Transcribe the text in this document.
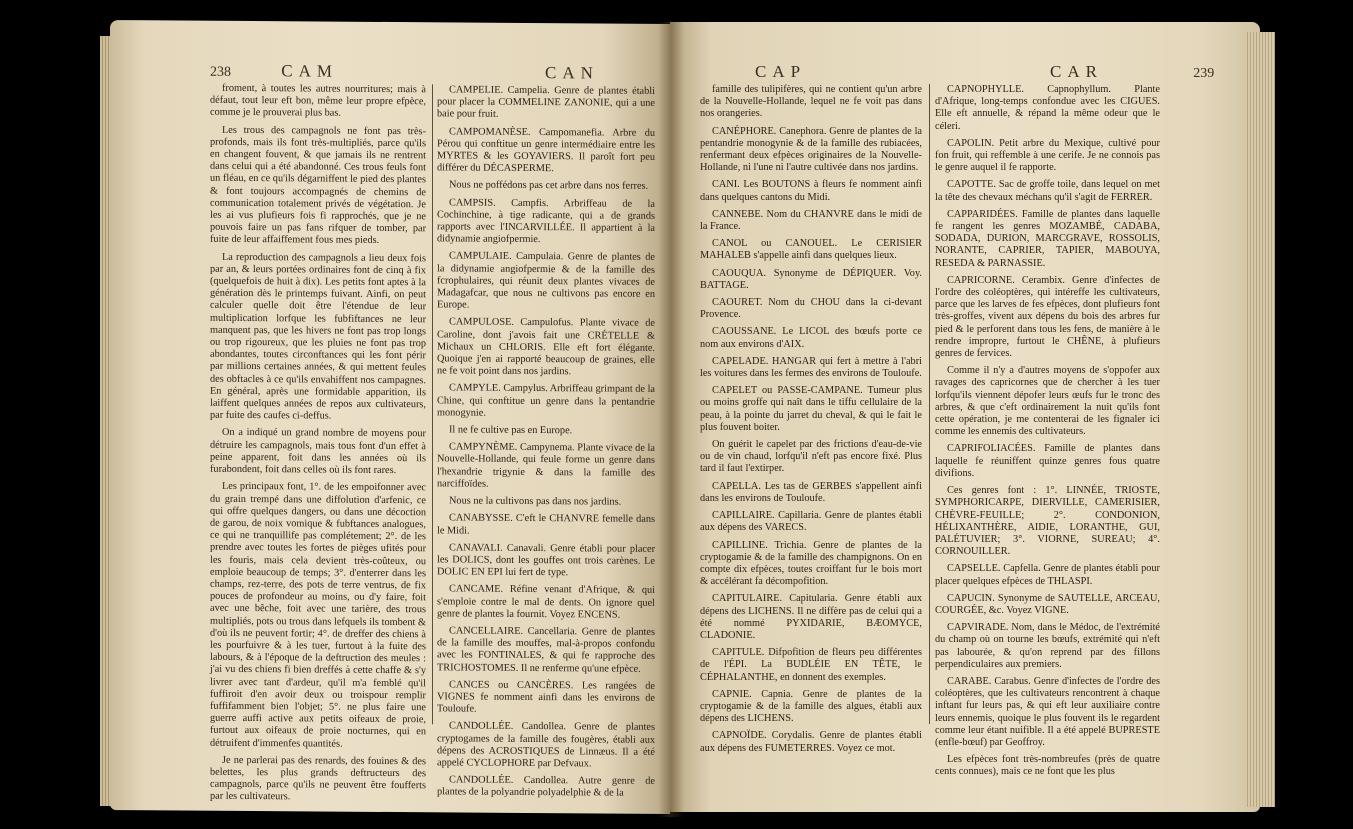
238	CAM	CAN

froment, à toutes les autres nourritures; mais à défaut, tout leur eft bon, même leur propre efpèce, comme je le prouverai plus bas.

Les trous des campagnols ne font pas très-profonds, mais ils font très-multipliés, parce qu'ils en changent fouvent, & que jamais ils ne rentrent dans celui qui a été abandonné. Ces trous feuls font un fléau, en ce qu'ils dégarniffent le pied des plantes & font toujours accompagnés de chemins de communication totalement privés de végétation. Je les ai vus plufieurs fois fi rapprochés, que je ne pouvois faire un pas fans rifquer de tomber, par fuite de leur affaiffement fous mes pieds.

La reproduction des campagnols a lieu deux fois par an, & leurs portées ordinaires font de cinq à fix (quelquefois de huit à dix). Les petits font aptes à la génération dès le printemps fuivant. Ainfi, on peut calculer quelle doit être l'étendue de leur multiplication lorfque les fubfiftances ne leur manquent pas, que les hivers ne font pas trop longs ou trop rigoureux, que les pluies ne font pas trop abondantes, toutes circonftances qui les font périr par millions certaines années, & qui mettent feules des obftacles à ce qu'ils envahiffent nos campagnes. En général, après une formidable apparition, ils laiffent quelques années de repos aux cultivateurs, par fuite des caufes ci-deffus.

On a indiqué un grand nombre de moyens pour détruire les campagnols, mais tous font d'un effet à peine apparent, foit dans les années où ils furabondent, foit dans celles où ils font rares.

Les principaux font, 1°. de les empoifonner avec du grain trempé dans une diffolution d'arfenic, ce qui offre quelques dangers, ou dans une décoction de garou, de noix vomique & fubftances analogues, ce qui ne tranquillife pas complétement; 2°. de les prendre avec toutes les fortes de pièges ufités pour les fouris, mais cela devient très-coûteux, ou emploie beaucoup de temps; 3°. d'enterrer dans les champs, rez-terre, des pots de terre ventrus, de fix pouces de profondeur au moins, ou d'y faire, foit avec une bêche, foit avec une tarière, des trous multipliés, pots ou trous dans lefquels ils tombent & d'où ils ne peuvent fortir; 4°. de dreffer des chiens à les pourfuivre & à les tuer, furtout à la fuite des labours, & à l'époque de la deftruction des meules : j'ai vu des chiens fi bien dreffés à cette chaffe & s'y livrer avec tant d'ardeur, qu'il m'a femblé qu'il fuffiroit d'en avoir deux ou troispour remplir fuffifamment bien l'objet; 5°. ne plus faire une guerre auffi active aux petits oifeaux de proie, furtout aux oifeaux de proie nocturnes, qui en détruifent d'immenfes quantités.

Je ne parlerai pas des renards, des fouines & des belettes, les plus grands deftructeurs des campagnols, parce qu'ils ne peuvent être foufferts par les cultivateurs.

CAMPELIE. Campelia. Genre de plantes établi pour placer la COMMELINE ZANONIE, qui a une baie pour fruit.

CAMPOMANÈSE. Campomanefia. Arbre du Pérou qui conftitue un genre intermédiaire entre les MYRTES & les GOYAVIERS. Il paroît fort peu différer du DÉCASPERME.

Nous ne poffédons pas cet arbre dans nos ferres.

CAMPSIS. Campfis. Arbriffeau de la Cochinchine, à tige radicante, qui a de grands rapports avec l'INCARVILLÉE. Il appartient à la didynamie angiofpermie.

CAMPULAIE. Campulaia. Genre de plantes de la didynamie angiofpermie & de la famille des fcrophulaires, qui réunit deux plantes vivaces de Madagafcar, que nous ne cultivons pas encore en Europe.

CAMPULOSE. Campulofus. Plante vivace de Caroline, dont j'avois fait une CRÉTELLE & Michaux un CHLORIS. Elle eft fort élégante. Quoique j'en ai rapporté beaucoup de graines, elle ne fe voit point dans nos jardins.

CAMPYLE. Campylus. Arbriffeau grimpant de la Chine, qui conftitue un genre dans la pentandrie monogynie.

Il ne fe cultive pas en Europe.

CAMPYNÈME. Campynema. Plante vivace de la Nouvelle-Hollande, qui feule forme un genre dans l'hexandrie trigynie & dans la famille des narciffoïdes.

Nous ne la cultivons pas dans nos jardins.

CANABYSSE. C'eft le CHANVRE femelle dans le Midi.

CANAVALI. Canavali. Genre établi pour placer les DOLICS, dont les gouffes ont trois carènes. Le DOLIC EN EPI lui fert de type.

CANCAME. Réfine venant d'Afrique, & qui s'emploie contre le mal de dents. On ignore quel genre de plantes la fournit. Voyez ENCENS.

CANCELLAIRE. Cancellaria. Genre de plantes de la famille des mouffes, mal-à-propos confondu avec les FONTINALES, & qui fe rapproche des TRICHOSTOMES. Il ne renferme qu'une efpèce.

CANCES ou CANCÈRES. Les rangées de VIGNES fe nomment ainfi dans les environs de Touloufe.

CANDOLLÉE. Candollea. Genre de plantes cryptogames de la famille des fougères, établi aux dépens des ACROSTIQUES de Linnæus. Il a été appelé CYCLOPHORE par Defvaux.

CANDOLLÉE. Candollea. Autre genre de plantes de la polyandrie polyadelphie & de la

CAP	CAR	239

famille des tulipifères, qui ne contient qu'un arbre de la Nouvelle-Hollande, lequel ne fe voit pas dans nos orangeries.

CANÉPHORE. Canephora. Genre de plantes de la pentandrie monogynie & de la famille des rubiacées, renfermant deux efpèces originaires de la Nouvelle-Hollande, ni l'une ni l'autre cultivée dans nos jardins.

CANI. Les BOUTONS à fleurs fe nomment ainfi dans quelques cantons du Midi.

CANNEBE. Nom du CHANVRE dans le midi de la France.

CANOL ou CANOUEL. Le CERISIER MAHALEB s'appelle ainfi dans quelques lieux.

CAOUQUA. Synonyme de DÉPIQUER. Voy. BATTAGE.

CAOURET. Nom du CHOU dans la ci-devant Provence.

CAOUSSANE. Le LICOL des bœufs porte ce nom aux environs d'AIX.

CAPELADE. HANGAR qui fert à mettre à l'abri les voitures dans les fermes des environs de Touloufe.

CAPELET ou PASSE-CAMPANE. Tumeur plus ou moins groffe qui naît dans le tiffu cellulaire de la peau, à la pointe du jarret du cheval, & qui le fait le plus fouvent boiter.

On guérit le capelet par des frictions d'eau-de-vie ou de vin chaud, lorfqu'il n'eft pas encore fixé. Plus tard il faut l'extirper.

CAPELLA. Les tas de GERBES s'appellent ainfi dans les environs de Touloufe.

CAPILLAIRE. Capillaria. Genre de plantes établi aux dépens des VARECS.

CAPILLINE. Trichia. Genre de plantes de la cryptogamie & de la famille des champignons. On en compte dix efpèces, toutes croiffant fur le bois mort & accélérant fa décompofition.

CAPITULAIRE. Capitularia. Genre établi aux dépens des LICHENS. Il ne diffère pas de celui qui a été nommé PYXIDARIE, BÆOMYCE, CLADONIE.

CAPITULE. Difpofition de fleurs peu différentes de l'ÉPI. La BUDLÉIE EN TÊTE, le CÉPHALANTHE, en donnent des exemples.

CAPNIE. Capnia. Genre de plantes de la cryptogamie & de la famille des algues, établi aux dépens des LICHENS.

CAPNOÏDE. Corydalis. Genre de plantes établi aux dépens des FUMETERRES. Voyez ce mot.

CAPNOPHYLLE. Capnophyllum. Plante d'Afrique, long-temps confondue avec les CIGUES. Elle eft annuelle, & répand la même odeur que le céleri.

CAPOLIN. Petit arbre du Mexique, cultivé pour fon fruit, qui reffemble à une cerife. Je ne connois pas le genre auquel il fe rapporte.

CAPOTTE. Sac de groffe toile, dans lequel on met la tête des chevaux méchans qu'il s'agit de FERRER.

CAPPARIDÉES. Famille de plantes dans laquelle fe rangent les genres MOZAMBÉ, CADABA, SODADA, DURION, MARCGRAVE, ROSSOLIS, NORANTE, CAPRIER, TAPIER, MABOUYA, RESEDA & PARNASSIE.

CAPRICORNE. Cerambix. Genre d'infectes de l'ordre des coléoptères, qui intéreffe les cultivateurs, parce que les larves de fes efpèces, dont plufieurs font très-groffes, vivent aux dépens du bois des arbres fur pied & le perforent dans tous les fens, de manière à le rendre impropre, furtout le CHÊNE, à plufieurs genres de fervices.

Comme il n'y a d'autres moyens de s'oppofer aux ravages des capricornes que de chercher à les tuer lorfqu'ils viennent dépofer leurs œufs fur le tronc des arbres, & que c'eft ordinairement la nuit qu'ils font cette opération, je me contenterai de les fignaler ici comme les ennemis des cultivateurs.

CAPRIFOLIACÉES. Famille de plantes dans laquelle fe réuniffent quinze genres fous quatre divifions.

Ces genres font : 1°. LINNÉE, TRIOSTE, SYMPHORICARPE, DIERVILLE, CAMERISIER, CHÈVRE-FEUILLE; 2°. CONDONION, HÉLIXANTHÈRE, AIDIE, LORANTHE, GUI, PALÉTUVIER; 3°. VIORNE, SUREAU; 4°. CORNOUILLER.

CAPSELLE. Capfella. Genre de plantes établi pour placer quelques efpèces de THLASPI.

CAPUCIN. Synonyme de SAUTELLE, ARCEAU, COURGÉE, &c. Voyez VIGNE.

CAPVIRADE. Nom, dans le Médoc, de l'extrémité du champ où on tourne les bœufs, extrémité qui n'eft pas labourée, & qu'on reprend par des fillons perpendiculaires aux premiers.

CARABE. Carabus. Genre d'infectes de l'ordre des coléoptères, que les cultivateurs rencontrent à chaque inftant fur leurs pas, & qui eft leur auxiliaire contre leurs ennemis, quoique le plus fouvent ils le regardent comme leur étant nuifible. Il a été appelé BUPRESTE (enfle-bœuf) par Geoffroy.

Les efpèces font très-nombreufes (près de quatre cents connues), mais ce ne font que les plus
